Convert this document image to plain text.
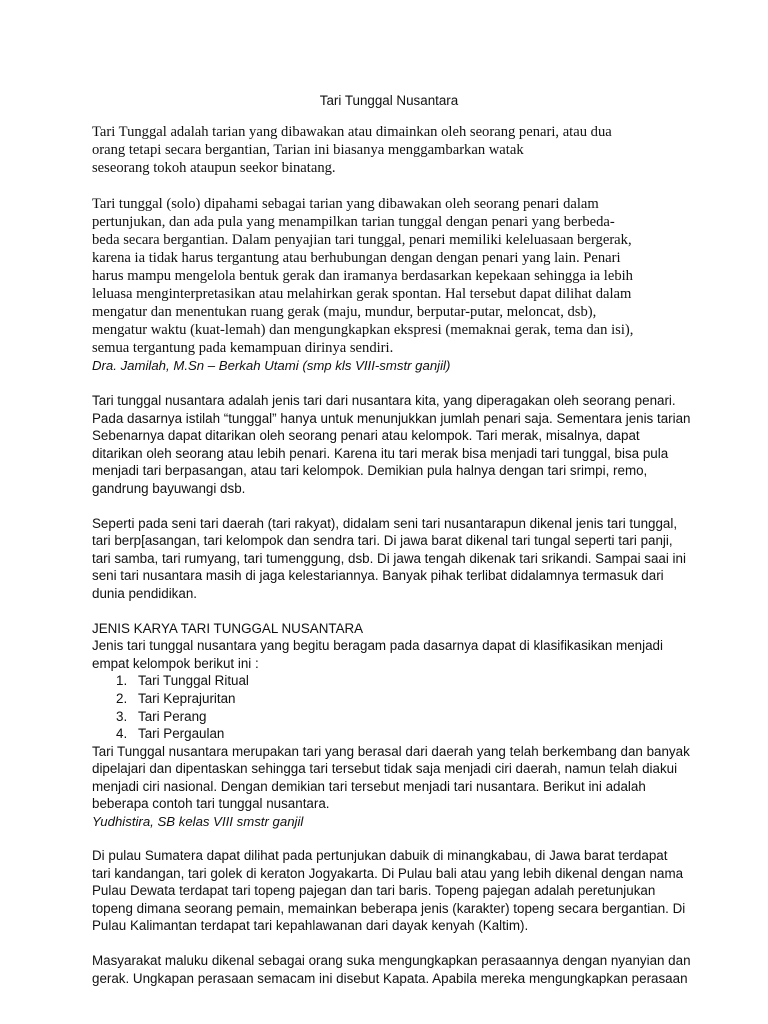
Tari Tunggal Nusantara

Tari Tunggal adalah tarian yang dibawakan atau dimainkan oleh seorang penari, atau dua
orang tetapi secara bergantian, Tarian ini biasanya menggambarkan watak
seseorang tokoh ataupun seekor binatang.

Tari tunggal (solo) dipahami sebagai tarian yang dibawakan oleh seorang penari dalam
pertunjukan, dan ada pula yang menampilkan tarian tunggal dengan penari yang berbeda-
beda secara bergantian. Dalam penyajian tari tunggal, penari memiliki keleluasaan bergerak,
karena ia tidak harus tergantung atau berhubungan dengan dengan penari yang lain. Penari
harus mampu mengelola bentuk gerak dan iramanya berdasarkan kepekaan sehingga ia lebih
leluasa menginterpretasikan atau melahirkan gerak spontan. Hal tersebut dapat dilihat dalam
mengatur dan menentukan ruang gerak (maju, mundur, berputar-putar, meloncat, dsb),
mengatur waktu (kuat-lemah) dan mengungkapkan ekspresi (memaknai gerak, tema dan isi),
semua tergantung pada kemampuan dirinya sendiri.

Dra. Jamilah, M.Sn – Berkah Utami (smp kls VIII-smstr ganjil)

Tari tunggal nusantara adalah jenis tari dari nusantara kita, yang diperagakan oleh seorang penari.
Pada dasarnya istilah “tunggal” hanya untuk menunjukkan jumlah penari saja. Sementara jenis tarian
Sebenarnya dapat ditarikan oleh seorang penari atau kelompok. Tari merak, misalnya, dapat
ditarikan oleh seorang atau lebih penari. Karena itu tari merak bisa menjadi tari tunggal, bisa pula
menjadi tari berpasangan, atau tari kelompok. Demikian pula halnya dengan tari srimpi, remo,
gandrung bayuwangi dsb.

Seperti pada seni tari daerah (tari rakyat), didalam seni tari nusantarapun dikenal jenis tari tunggal,
tari berp[asangan, tari kelompok dan sendra tari. Di jawa barat dikenal tari tungal seperti tari panji,
tari samba, tari rumyang, tari tumenggung, dsb. Di jawa tengah dikenak tari srikandi. Sampai saai ini
seni tari nusantara masih di jaga kelestariannya. Banyak pihak terlibat didalamnya termasuk dari
dunia pendidikan.

JENIS KARYA TARI TUNGGAL NUSANTARA

Jenis tari tunggal nusantara yang begitu beragam pada dasarnya dapat di klasifikasikan menjadi
empat kelompok berikut ini :

1. Tari Tunggal Ritual
2. Tari Keprajuritan
3. Tari Perang
4. Tari Pergaulan

Tari Tunggal nusantara merupakan tari yang berasal dari daerah yang telah berkembang dan banyak
dipelajari dan dipentaskan sehingga tari tersebut tidak saja menjadi ciri daerah, namun telah diakui
menjadi ciri nasional. Dengan demikian tari tersebut menjadi tari nusantara. Berikut ini adalah
beberapa contoh tari tunggal nusantara.

Yudhistira, SB kelas VIII smstr ganjil

Di pulau Sumatera dapat dilihat pada pertunjukan dabuik di minangkabau, di Jawa barat terdapat
tari kandangan, tari golek di keraton Jogyakarta. Di Pulau bali atau yang lebih dikenal dengan nama
Pulau Dewata terdapat tari topeng pajegan dan tari baris. Topeng pajegan adalah peretunjukan
topeng dimana seorang pemain, memainkan beberapa jenis (karakter) topeng secara bergantian. Di
Pulau Kalimantan terdapat tari kepahlawanan dari dayak kenyah (Kaltim).

Masyarakat maluku dikenal sebagai orang suka mengungkapkan perasaannya dengan nyanyian dan
gerak. Ungkapan perasaan semacam ini disebut Kapata. Apabila mereka mengungkapkan perasaan
